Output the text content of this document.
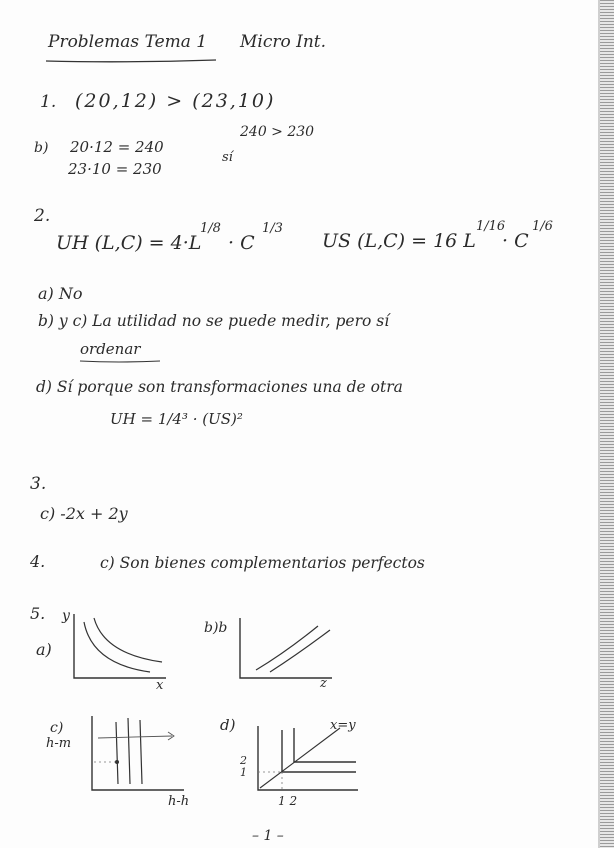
Problemas Tema 1 Micro Int.
1. (20,12) > (23,10)
b) 20·12 = 240
240 > 230
23·10 = 230
sí
2.
UH (L,C) = 4·L
1/8
· C
1/3
US (L,C) = 16 L
1/16
· C
1/6
a) No
b) y c) La utilidad no se puede medir, pero sí
ordenar
d) Sí porque son transformaciones una de otra
UH = 1/4³ · (US)²
3.
c) -2x + 2y
4.	c) Son bienes complementarios perfectos
5.
a)
y
x
b)b
z
c)
h-m
h-h
d)	x=y
2
1
1 2
– 1 –
